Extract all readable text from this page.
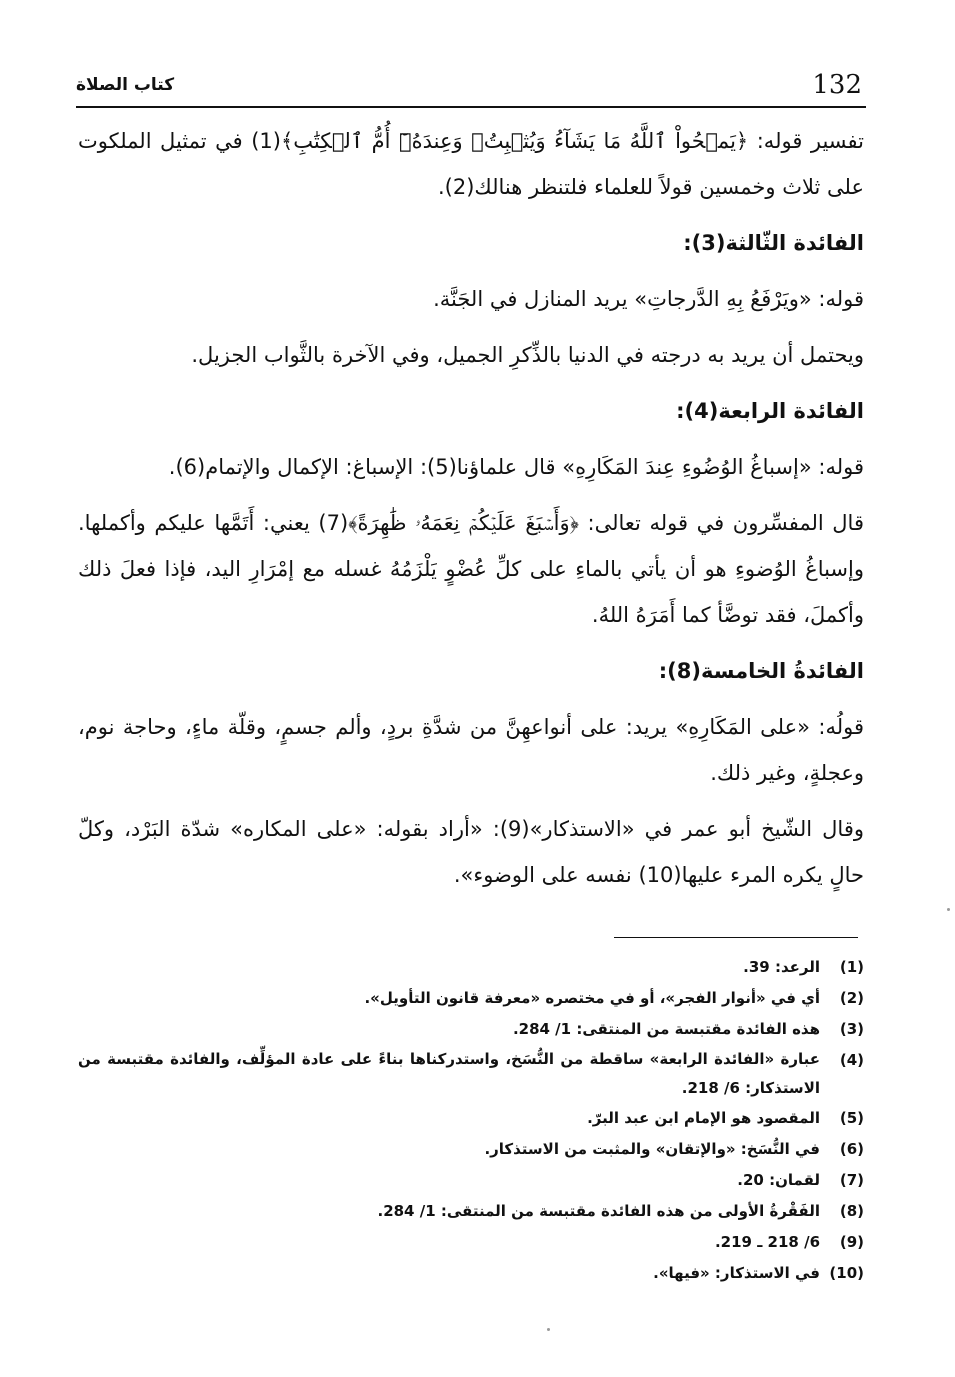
132
كتاب الصلاة

تفسير قوله: ﴿يَمۡحُواْ ٱللَّهُ مَا يَشَآءُ وَيُثۡبِتُۖ وَعِندَهُۥٓ أُمُّ ٱلۡكِتَٰبِ﴾(1) في تمثيل الملكوت على ثلاث وخمسين قولاً للعلماء فلتنظر هنالك(2).

الفائدة الثّالثة(3):

قوله: «ويَرْفَعُ بِهِ الدَّرجاتِ» يريد المنازل في الجَنَّة.

ويحتمل أن يريد به درجته في الدنيا بالذِّكرِ الجميل، وفي الآخرة بالثَّواب الجزيل.

الفائدة الرابعة(4):

قوله: «إسباغُ الوُضُوءِ عِندَ المَكَارِهِ» قال علماؤنا(5): الإسباغ: الإكمال والإتمام(6).

قال المفسِّرون في قوله تعالى: ﴿وَأَسۡبَغَ عَلَيۡكُمۡ نِعَمَهُۥ ظَٰهِرَةً﴾(7) يعني: أَتَمَّها عليكم وأكملها. وإسباغُ الوُضوءِ هو أن يأتي بالماءِ على كلِّ عُضْوٍ يَلْزَمُهُ غسله مع إمْرَارِ اليد، فإذا فعلَ ذلك وأكملَ، فقد توضَّأ كما أَمَرَهُ اللهُ.

الفائدةُ الخامسة(8):

قولُه: «على المَكَارِهِ» يريد: على أنواعهِنَّ من شدَّةِ بردٍ، وألم جسمٍ، وقلّة ماءٍ، وحاجة نوم، وعجلةٍ، وغير ذلك.

وقال الشّيخ أبو عمر في «الاستذكار»(9): «أراد بقوله: «على المكاره» شدّة البَرْد، وكلّ حالٍ يكره المرء عليها(10) نفسه على الوضوء».

(1)
الرعد: 39.
(2)
أي في «أنوار الفجر»، أو في مختصره «معرفة قانون التأويل».
(3)
هذه الفائدة مقتبسة من المنتقى: 1/ 284.
(4)
عبارة «الفائدة الرابعة» ساقطة من النُّسَخ، واستدركناها بناءً على عادة المؤلِّف، والفائدة مقتبسة من الاستذكار: 6/ 218.
(5)
المقصود هو الإمام ابن عبد البرّ.
(6)
في النُّسَخ: «والإتقان» والمثبت من الاستذكار.
(7)
لقمان: 20.
(8)
الفَقْرةُ الأولى من هذه الفائدة مقتبسة من المنتقى: 1/ 284.
(9)
6/ 218 ـ 219.
(10)
في الاستذكار: «فيها».
